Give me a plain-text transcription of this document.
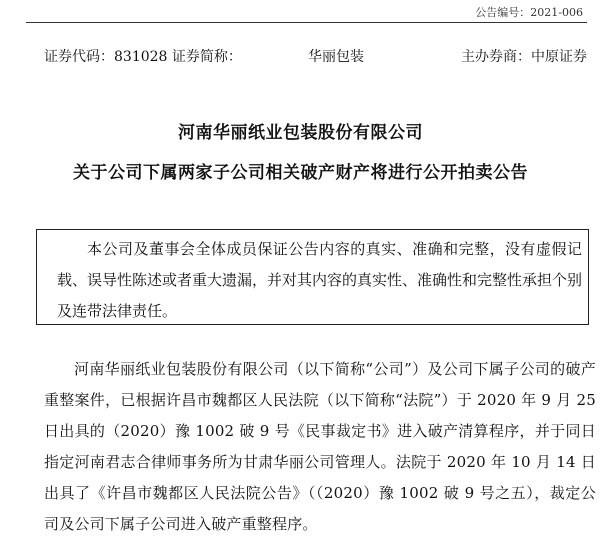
公告编号：2021-006
证券代码：831028 证券简称：	华丽包装	主办券商：中原证券
河南华丽纸业包装股份有限公司
关于公司下属两家子公司相关破产财产将进行公开拍卖公告
本公司及董事会全体成员保证公告内容的真实、准确和完整，没有虚假记载、误导性陈述或者重大遗漏，并对其内容的真实性、准确性和完整性承担个别及连带法律责任。
河南华丽纸业包装股份有限公司（以下简称“公司”）及公司下属子公司的破产重整案件，已根据许昌市魏都区人民法院（以下简称“法院”）于 2020 年 9 月 25 日出具的（2020）豫 1002 破 9 号《民事裁定书》进入破产清算程序，并于同日指定河南君志合律师事务所为甘肃华丽公司管理人。法院于 2020 年 10 月 14 日出具了《许昌市魏都区人民法院公告》（（2020）豫 1002 破 9 号之五），裁定公司及公司下属子公司进入破产重整程序。
